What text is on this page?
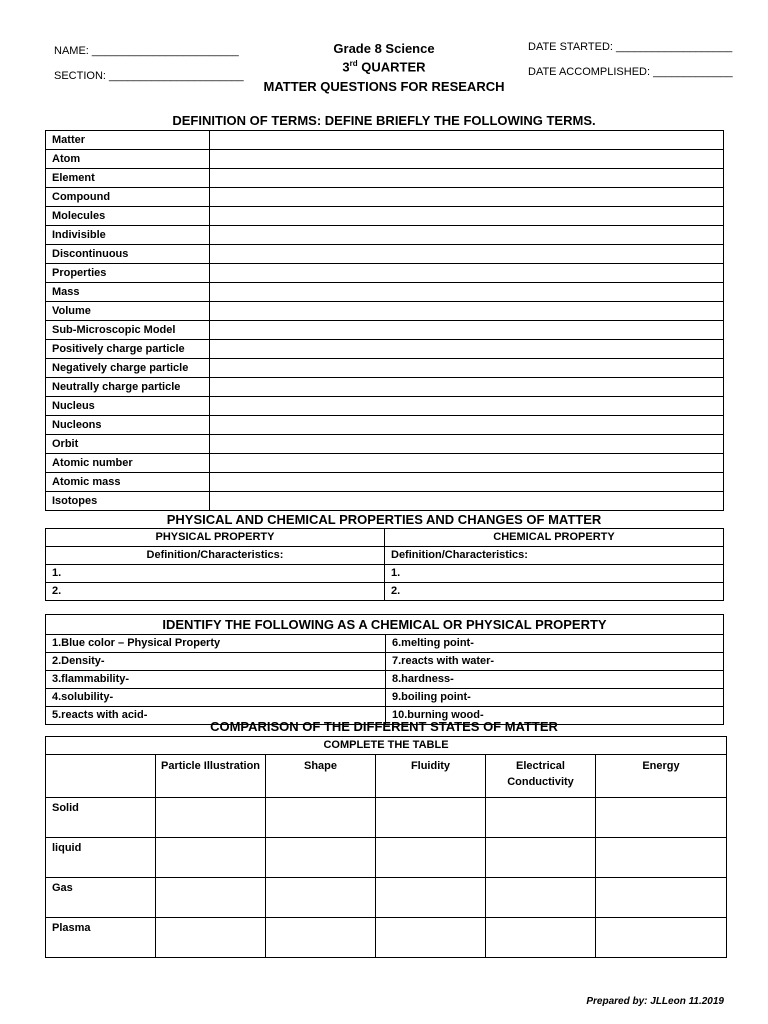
NAME: ________________________
SECTION: ______________________
Grade 8 Science
3rd QUARTER
MATTER QUESTIONS FOR RESEARCH
DATE STARTED: ___________________
DATE ACCOMPLISHED: _____________
DEFINITION OF TERMS: DEFINE BRIEFLY THE FOLLOWING TERMS.
Matter	
Atom	
Element	
Compound	
Molecules	
Indivisible	
Discontinuous	
Properties	
Mass	
Volume	
Sub-Microscopic Model	
Positively charge particle	
Negatively charge particle	
Neutrally charge particle	
Nucleus	
Nucleons	
Orbit	
Atomic number	
Atomic mass	
Isotopes	
PHYSICAL AND CHEMICAL PROPERTIES AND CHANGES OF MATTER
PHYSICAL PROPERTY	CHEMICAL PROPERTY
Definition/Characteristics:	Definition/Characteristics:
1.	1.
2.	2.
IDENTIFY THE FOLLOWING AS A CHEMICAL OR PHYSICAL PROPERTY	
1.Blue color – Physical Property	6.melting point-
2.Density-	7.reacts with water-
3.flammability-	8.hardness-
4.solubility-	9.boiling point-
5.reacts with acid-	10.burning wood-
COMPARISON OF THE DIFFERENT STATES OF MATTER
COMPLETE THE TABLE					
	Particle Illustration	Shape	Fluidity	Electrical Conductivity	Energy
Solid					
liquid					
Gas					
Plasma					
Prepared by: JLLeon 11.2019
